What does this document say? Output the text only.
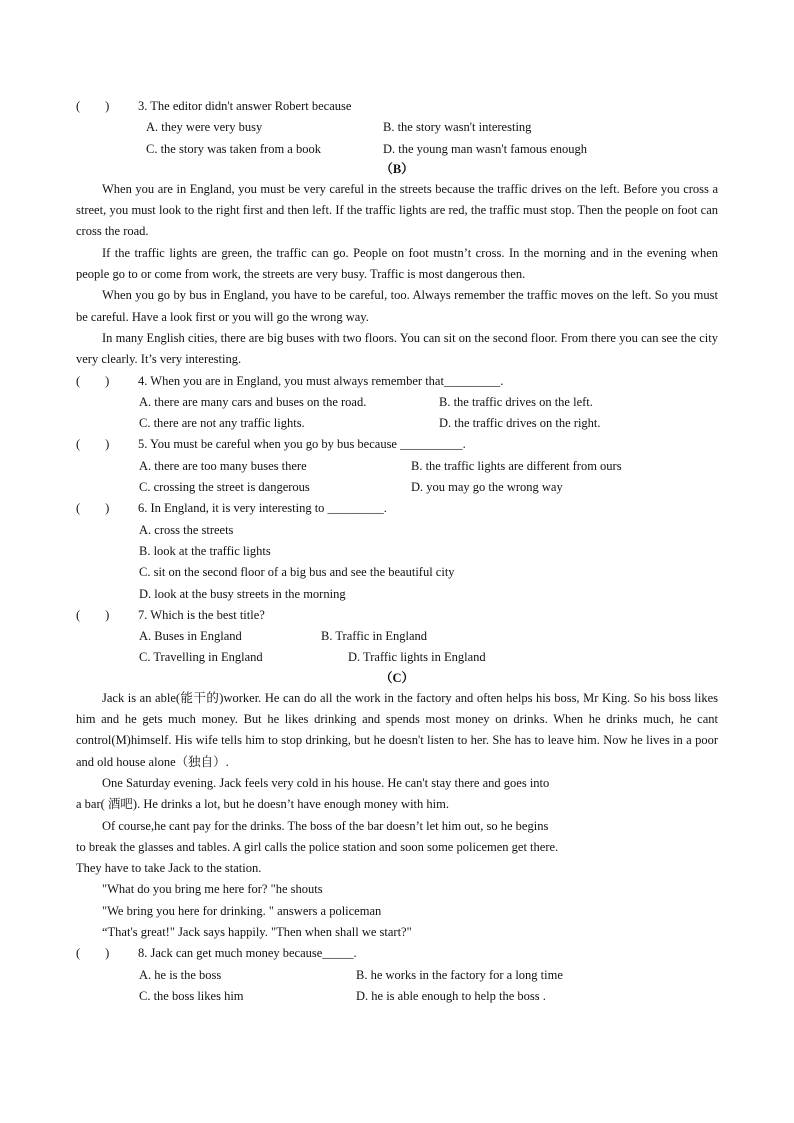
(　　)	3. The editor didn't answer Robert because
A. they were very busy	B. the story wasn't interesting
C. the story was taken from a book	D. the young man wasn't famous enough
（B）

When you are in England, you must be very careful in the streets because the traffic drives on the left. Before you cross a street, you must look to the right first and then left. If the traffic lights are red, the traffic must stop. Then the people on foot can cross the road.

If the traffic lights are green, the traffic can go. People on foot mustn’t cross. In the morning and in the evening when people go to or come from work, the streets are very busy. Traffic is most dangerous then.

When you go by bus in England, you have to be careful, too. Always remember the traffic moves on the left. So you must be careful. Have a look first or you will go the wrong way.

In many English cities, there are big buses with two floors. You can sit on the second floor. From there you can see the city very clearly. It’s very interesting.

(　　)	4. When you are in England, you must always remember that_________.
A. there are many cars and buses on the road.	B. the traffic drives on the left.
C. there are not any traffic lights.	D. the traffic drives on the right.
(　　)	5. You must be careful when you go by bus because __________.
A. there are too many buses there	B. the traffic lights are different from ours
C. crossing the street is dangerous	D. you may go the wrong way
(　　)	6. In England, it is very interesting to _________.
A. cross the streets
B. look at the traffic lights
C. sit on the second floor of a big bus and see the beautiful city
D. look at the busy streets in the morning
(　　)	7. Which is the best title?
A. Buses in England	B. Traffic in England
C. Travelling in England	D. Traffic lights in England
（C）

Jack is an able(能干的)worker. He can do all the work in the factory and often helps his boss, Mr King. So his boss likes him and he gets much money. But he likes drinking and spends most money on drinks. When he drinks much, he cant control(M)himself. His wife tells him to stop drinking, but he doesn't listen to her. She has to leave him. Now he lives in a poor and old house alone（独自）.

One Saturday evening. Jack feels very cold in his house. He can't stay there and goes into
a bar( 酒吧). He drinks a lot, but he doesn’t have enough money with him.
Of course,he cant pay for the drinks. The boss of the bar doesn’t let him out, so he begins
to break the glasses and tables. A girl calls the police station and soon some policemen get there.
They have to take Jack to the station.
"What do you bring me here for? "he shouts
"We bring you here for drinking. " answers a policeman
“That's great!" Jack says happily. "Then when shall we start?"
(　　)	8. Jack can get much money because_____.
A. he is the boss	B. he works in the factory for a long time
C. the boss likes him	D. he is able enough to help the boss .
